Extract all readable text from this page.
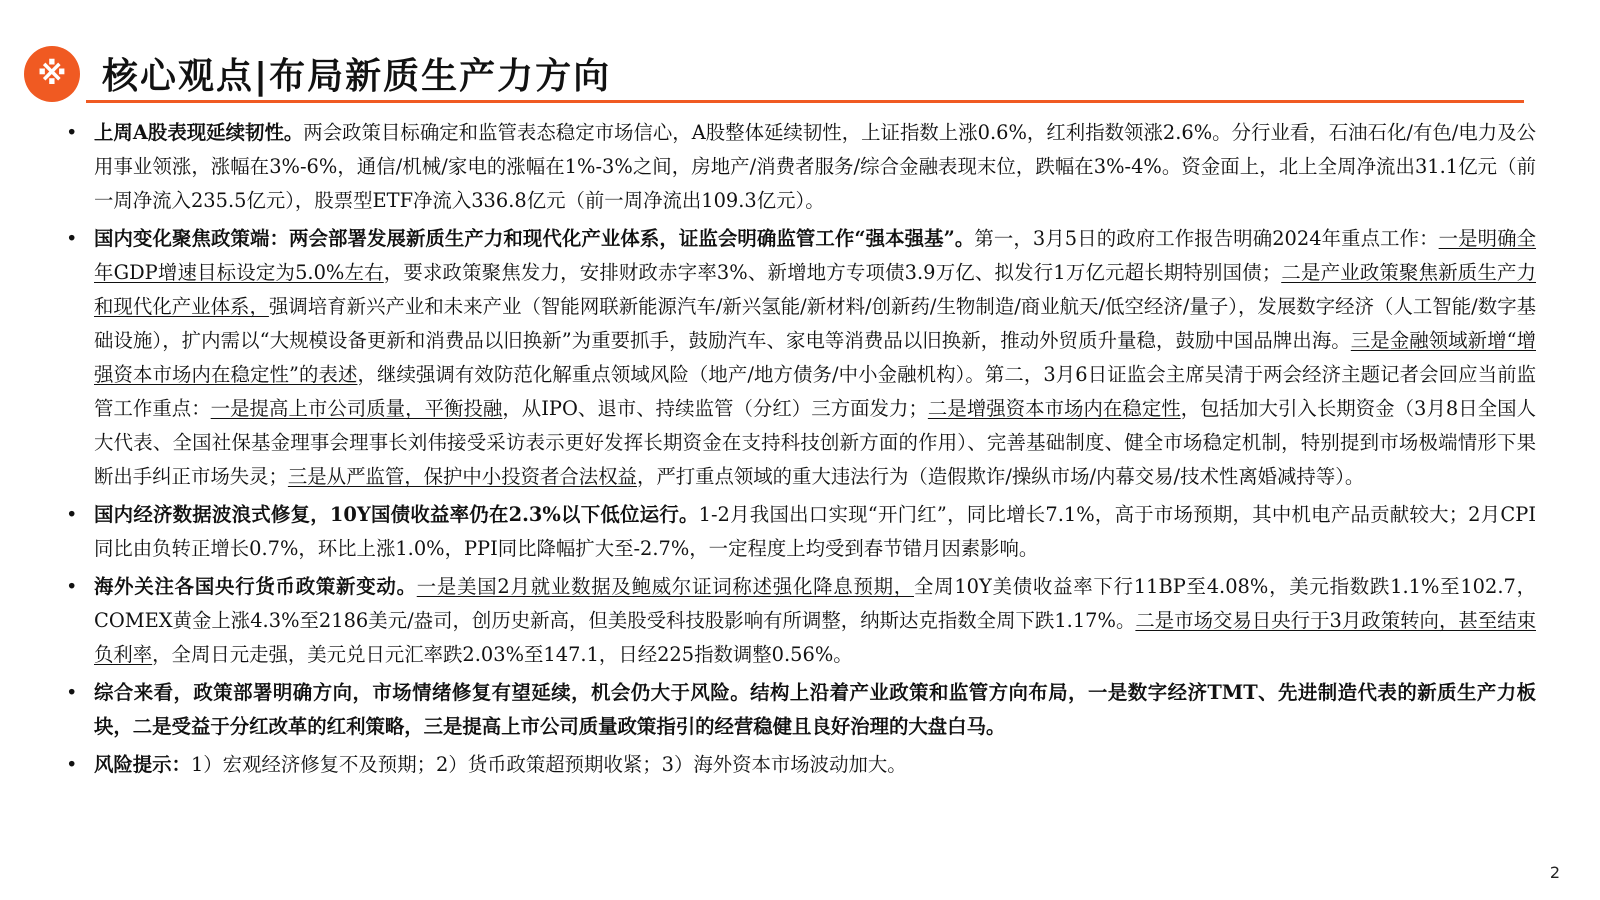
※ 核心观点|布局新质生产力方向
• 上周A股表现延续韧性。两会政策目标确定和监管表态稳定市场信心，A股整体延续韧性，上证指数上涨0.6%，红利指数领涨2.6%。分行业看，石油石化/有色/电力及公用事业领涨，涨幅在3%-6%，通信/机械/家电的涨幅在1%-3%之间，房地产/消费者服务/综合金融表现末位，跌幅在3%-4%。资金面上，北上全周净流出31.1亿元（前一周净流入235.5亿元），股票型ETF净流入336.8亿元（前一周净流出109.3亿元）。
• 国内变化聚焦政策端：两会部署发展新质生产力和现代化产业体系，证监会明确监管工作“强本强基”。第一，3月5日的政府工作报告明确2024年重点工作：一是明确全年GDP增速目标设定为5.0%左右，要求政策聚焦发力，安排财政赤字率3%、新增地方专项债3.9万亿、拟发行1万亿元超长期特别国债；二是产业政策聚焦新质生产力和现代化产业体系，强调培育新兴产业和未来产业（智能网联新能源汽车/新兴氢能/新材料/创新药/生物制造/商业航天/低空经济/量子），发展数字经济（人工智能/数字基础设施），扩内需以“大规模设备更新和消费品以旧换新”为重要抓手，鼓励汽车、家电等消费品以旧换新，推动外贸质升量稳，鼓励中国品牌出海。三是金融领域新增“增强资本市场内在稳定性”的表述，继续强调有效防范化解重点领域风险（地产/地方债务/中小金融机构）。第二，3月6日证监会主席吴清于两会经济主题记者会回应当前监管工作重点：一是提高上市公司质量，平衡投融，从IPO、退市、持续监管（分红）三方面发力；二是增强资本市场内在稳定性，包括加大引入长期资金（3月8日全国人大代表、全国社保基金理事会理事长刘伟接受采访表示更好发挥长期资金在支持科技创新方面的作用）、完善基础制度、健全市场稳定机制，特别提到市场极端情形下果断出手纠正市场失灵；三是从严监管，保护中小投资者合法权益，严打重点领域的重大违法行为（造假欺诈/操纵市场/内幕交易/技术性离婚减持等）。
• 国内经济数据波浪式修复，10Y国债收益率仍在2.3%以下低位运行。1-2月我国出口实现“开门红”，同比增长7.1%，高于市场预期，其中机电产品贡献较大；2月CPI同比由负转正增长0.7%，环比上涨1.0%，PPI同比降幅扩大至-2.7%，一定程度上均受到春节错月因素影响。
• 海外关注各国央行货币政策新变动。一是美国2月就业数据及鲍威尔证词称述强化降息预期，全周10Y美债收益率下行11BP至4.08%，美元指数跌1.1%至102.7，COMEX黄金上涨4.3%至2186美元/盎司，创历史新高，但美股受科技股影响有所调整，纳斯达克指数全周下跌1.17%。二是市场交易日央行于3月政策转向，甚至结束负利率，全周日元走强，美元兑日元汇率跌2.03%至147.1，日经225指数调整0.56%。
• 综合来看，政策部署明确方向，市场情绪修复有望延续，机会仍大于风险。结构上沿着产业政策和监管方向布局，一是数字经济TMT、先进制造代表的新质生产力板块，二是受益于分红改革的红利策略，三是提高上市公司质量政策指引的经营稳健且良好治理的大盘白马。
• 风险提示：1）宏观经济修复不及预期；2）货币政策超预期收紧；3）海外资本市场波动加大。
2
